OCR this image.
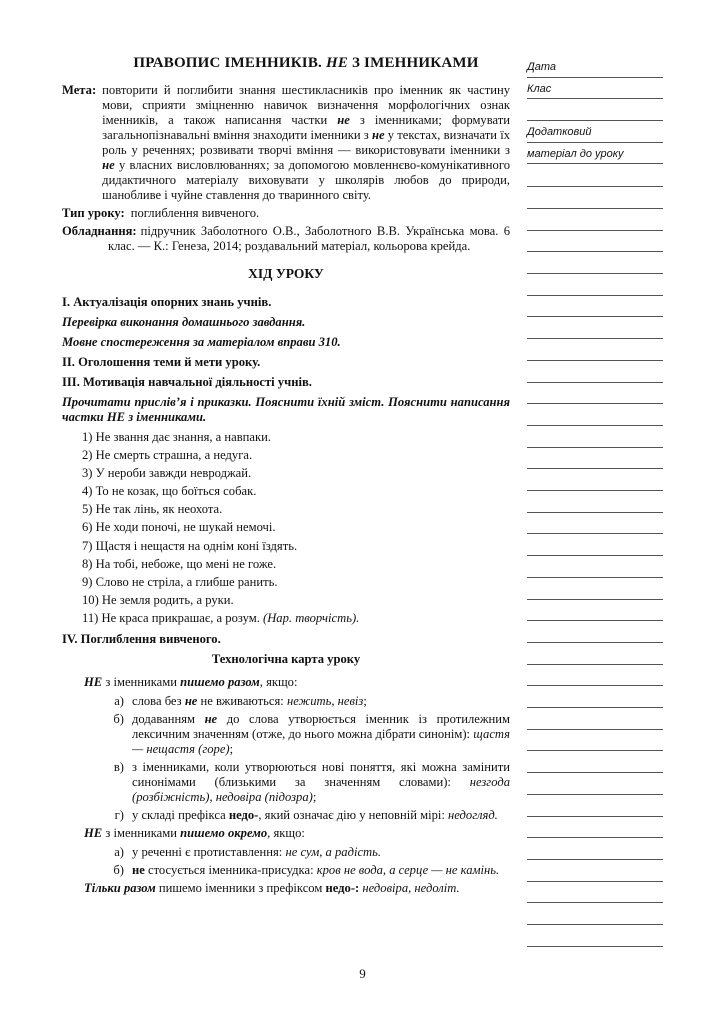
ПРАВОПИС ІМЕННИКІВ. НЕ З ІМЕННИКАМИ
Мета: повторити й поглибити знання шестикласників про іменник як частину мови, сприяти зміцненню навичок визначення морфологічних ознак іменників, а також написання частки не з іменниками; формувати загальнопізнавальні вміння знаходити іменники з не у текстах, визначати їх роль у реченнях; розвивати творчі вміння — використовувати іменники з не у власних висловлюваннях; за допомогою мовленнєво-комунікативного дидактичного матеріалу виховувати у школярів любов до природи, шанобливе і чуйне ставлення до тваринного світу.
Тип уроку: поглиблення вивченого.
Обладнання: підручник Заболотного О.В., Заболотного В.В. Українська мова. 6 клас. — К.: Генеза, 2014; роздавальний матеріал, кольорова крейда.
ХІД УРОКУ
I. Актуалізація опорних знань учнів.
Перевірка виконання домашнього завдання.
Мовне спостереження за матеріалом вправи 310.
II. Оголошення теми й мети уроку.
III. Мотивація навчальної діяльності учнів.
Прочитати прислів’я і приказки. Пояснити їхній зміст. Пояснити написання частки НЕ з іменниками.
1) Не звання дає знання, а навпаки.
2) Не смерть страшна, а недуга.
3) У нероби завжди невроджай.
4) То не козак, що боїться собак.
5) Не так лінь, як неохота.
6) Не ходи поночі, не шукай немочі.
7) Щастя і нещастя на однім коні їздять.
8) На тобі, небоже, що мені не гоже.
9) Слово не стріла, а глибше ранить.
10) Не земля родить, а руки.
11) Не краса прикрашає, а розум. (Нар. творчість).
IV. Поглиблення вивченого.
Технологічна карта уроку
НЕ з іменниками пишемо разом, якщо:
а) слова без не не вживаються: нежить, невіз;
б) додаванням не до слова утворюється іменник із протилежним лексичним значенням (отже, до нього можна дібрати синонім): щастя — нещастя (горе);
в) з іменниками, коли утворюються нові поняття, які можна замінити синонімами (близькими за значенням словами): незгода (розбіжність), недовіра (підозра);
г) у складі префікса недо-, який означає дію у неповній мірі: недогляд.
НЕ з іменниками пишемо окремо, якщо:
а) у реченні є протиставлення: не сум, а радість.
б) не стосується іменника-присудка: кров не вода, а серце — не камінь.
Тільки разом пишемо іменники з префіксом недо-: недовіра, недоліт.
Дата
Клас
Додатковий
матеріал до уроку
9
